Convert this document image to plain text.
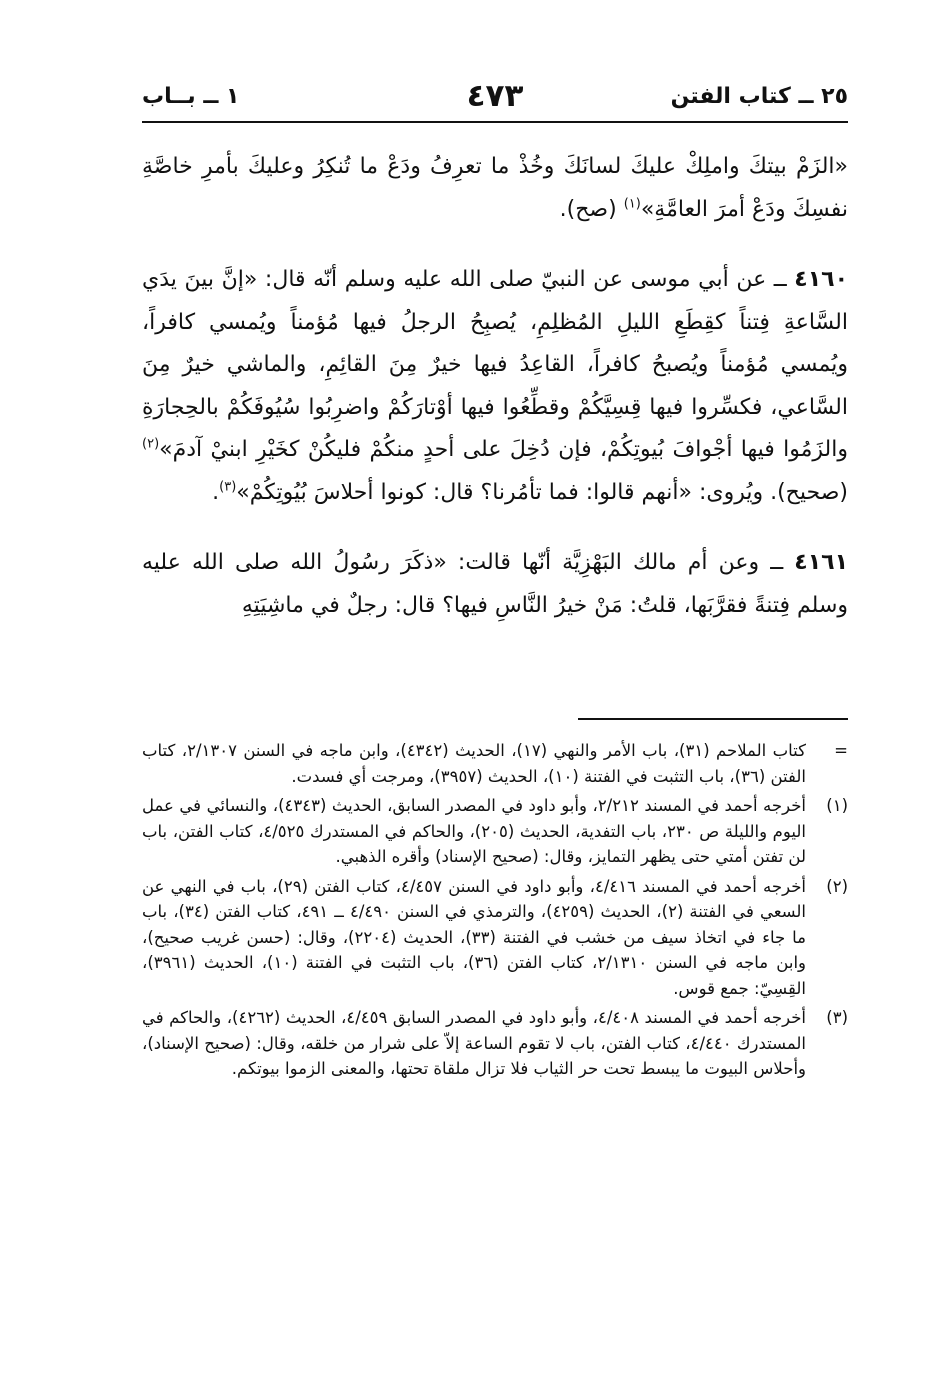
٢٥ ــ كتاب الفتن
٤٧٣
١ ــ بــاب

«الزَمْ بيتكَ واملِكْ عليكَ لسانَكَ وخُذْ ما تعرِفُ ودَعْ ما تُنكِرُ وعليكَ بأمرِ خاصَّةِ نفسِكَ ودَعْ أمرَ العامَّةِ»$^{(١)}$ (صح).

٤١٦٠ ــ عن أبي موسى عن النبيّ صلى الله عليه وسلم أنّه قال: «إنَّ بينَ يدَي السَّاعةِ فِتناً كقِطَعِ الليلِ المُظلِمِ، يُصبِحُ الرجلُ فيها مُؤمناً ويُمسي كافراً، ويُمسي مُؤمناً ويُصبحُ كافراً، القاعِدُ فيها خيرٌ مِنَ القائِمِ، والماشي خيرٌ مِنَ السَّاعي، فكسِّروا فيها قِسِيَّكُمْ وقطِّعُوا فيها أوْتارَكُمْ واضرِبُوا سُيُوفَكُمْ بالحِجارَةِ والزَمُوا فيها أجْوافَ بُيوتِكُمْ، فإن دُخِلَ على أحدٍ منكُمْ فليكُنْ كخَيْرِ ابنيْ آدمَ»$^{(٢)}$ (صحيح). ويُروى: «أنهم قالوا: فما تأمُرنا؟ قال: كونوا أحلاسَ بُيُوتِكُمْ»$^{(٣)}$.

٤١٦١ ــ وعن أم مالك البَهْزِيَّة أنّها قالت: «ذكَرَ رسُولُ الله صلى الله عليه وسلم فِتنةً فقرَّبَها، قلتُ: مَنْ خيرُ النَّاسِ فيها؟ قال: رجلٌ في ماشِيَتِهِ

=
كتاب الملاحم (٣١)، باب الأمر والنهي (١٧)، الحديث (٤٣٤٢)، وابن ماجه في السنن ٢/١٣٠٧، كتاب الفتن (٣٦)، باب التثبت في الفتنة (١٠)، الحديث (٣٩٥٧)، ومرجت أي فسدت.
(١)
أخرجه أحمد في المسند ٢/٢١٢، وأبو داود في المصدر السابق، الحديث (٤٣٤٣)، والنسائي في عمل اليوم والليلة ص ٢٣٠، باب التفدية، الحديث (٢٠٥)، والحاكم في المستدرك ٤/٥٢٥، كتاب الفتن، باب لن تفتن أمتي حتى يظهر التمايز، وقال: (صحيح الإسناد) وأقره الذهبي.
(٢)
أخرجه أحمد في المسند ٤/٤١٦، وأبو داود في السنن ٤/٤٥٧، كتاب الفتن (٢٩)، باب في النهي عن السعي في الفتنة (٢)، الحديث (٤٢٥٩)، والترمذي في السنن ٤/٤٩٠ ــ ٤٩١، كتاب الفتن (٣٤)، باب ما جاء في اتخاذ سيف من خشب في الفتنة (٣٣)، الحديث (٢٢٠٤)، وقال: (حسن غريب صحيح)، وابن ماجه في السنن ٢/١٣١٠، كتاب الفتن (٣٦)، باب التثبت في الفتنة (١٠)، الحديث (٣٩٦١)، القِسِيّ: جمع قوس.
(٣)
أخرجه أحمد في المسند ٤/٤٠٨، وأبو داود في المصدر السابق ٤/٤٥٩، الحديث (٤٢٦٢)، والحاكم في المستدرك ٤/٤٤٠، كتاب الفتن، باب لا تقوم الساعة إلاّ على شرار من خلقه، وقال: (صحيح الإسناد)، وأحلاس البيوت ما يبسط تحت حر الثياب فلا تزال ملقاة تحتها، والمعنى الزموا بيوتكم.
